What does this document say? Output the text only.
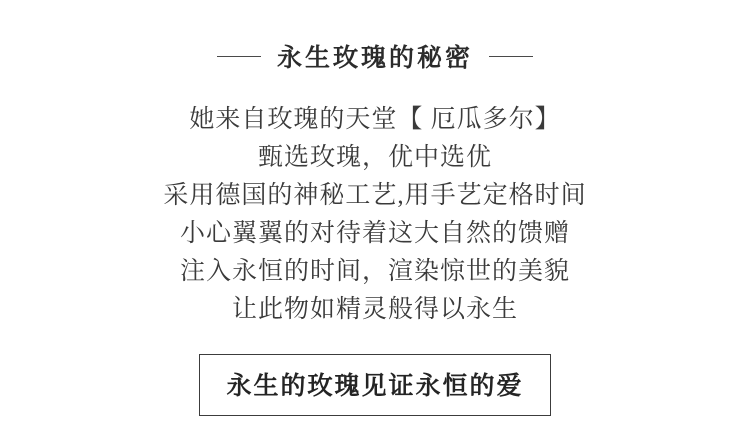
永生玫瑰的秘密
她来自玫瑰的天堂【 厄瓜多尔】
甄选玫瑰，优中选优
采用德国的神秘工艺,用手艺定格时间
小心翼翼的对待着这大自然的馈赠
注入永恒的时间，渲染惊世的美貌
让此物如精灵般得以永生
永生的玫瑰见证永恒的爱
